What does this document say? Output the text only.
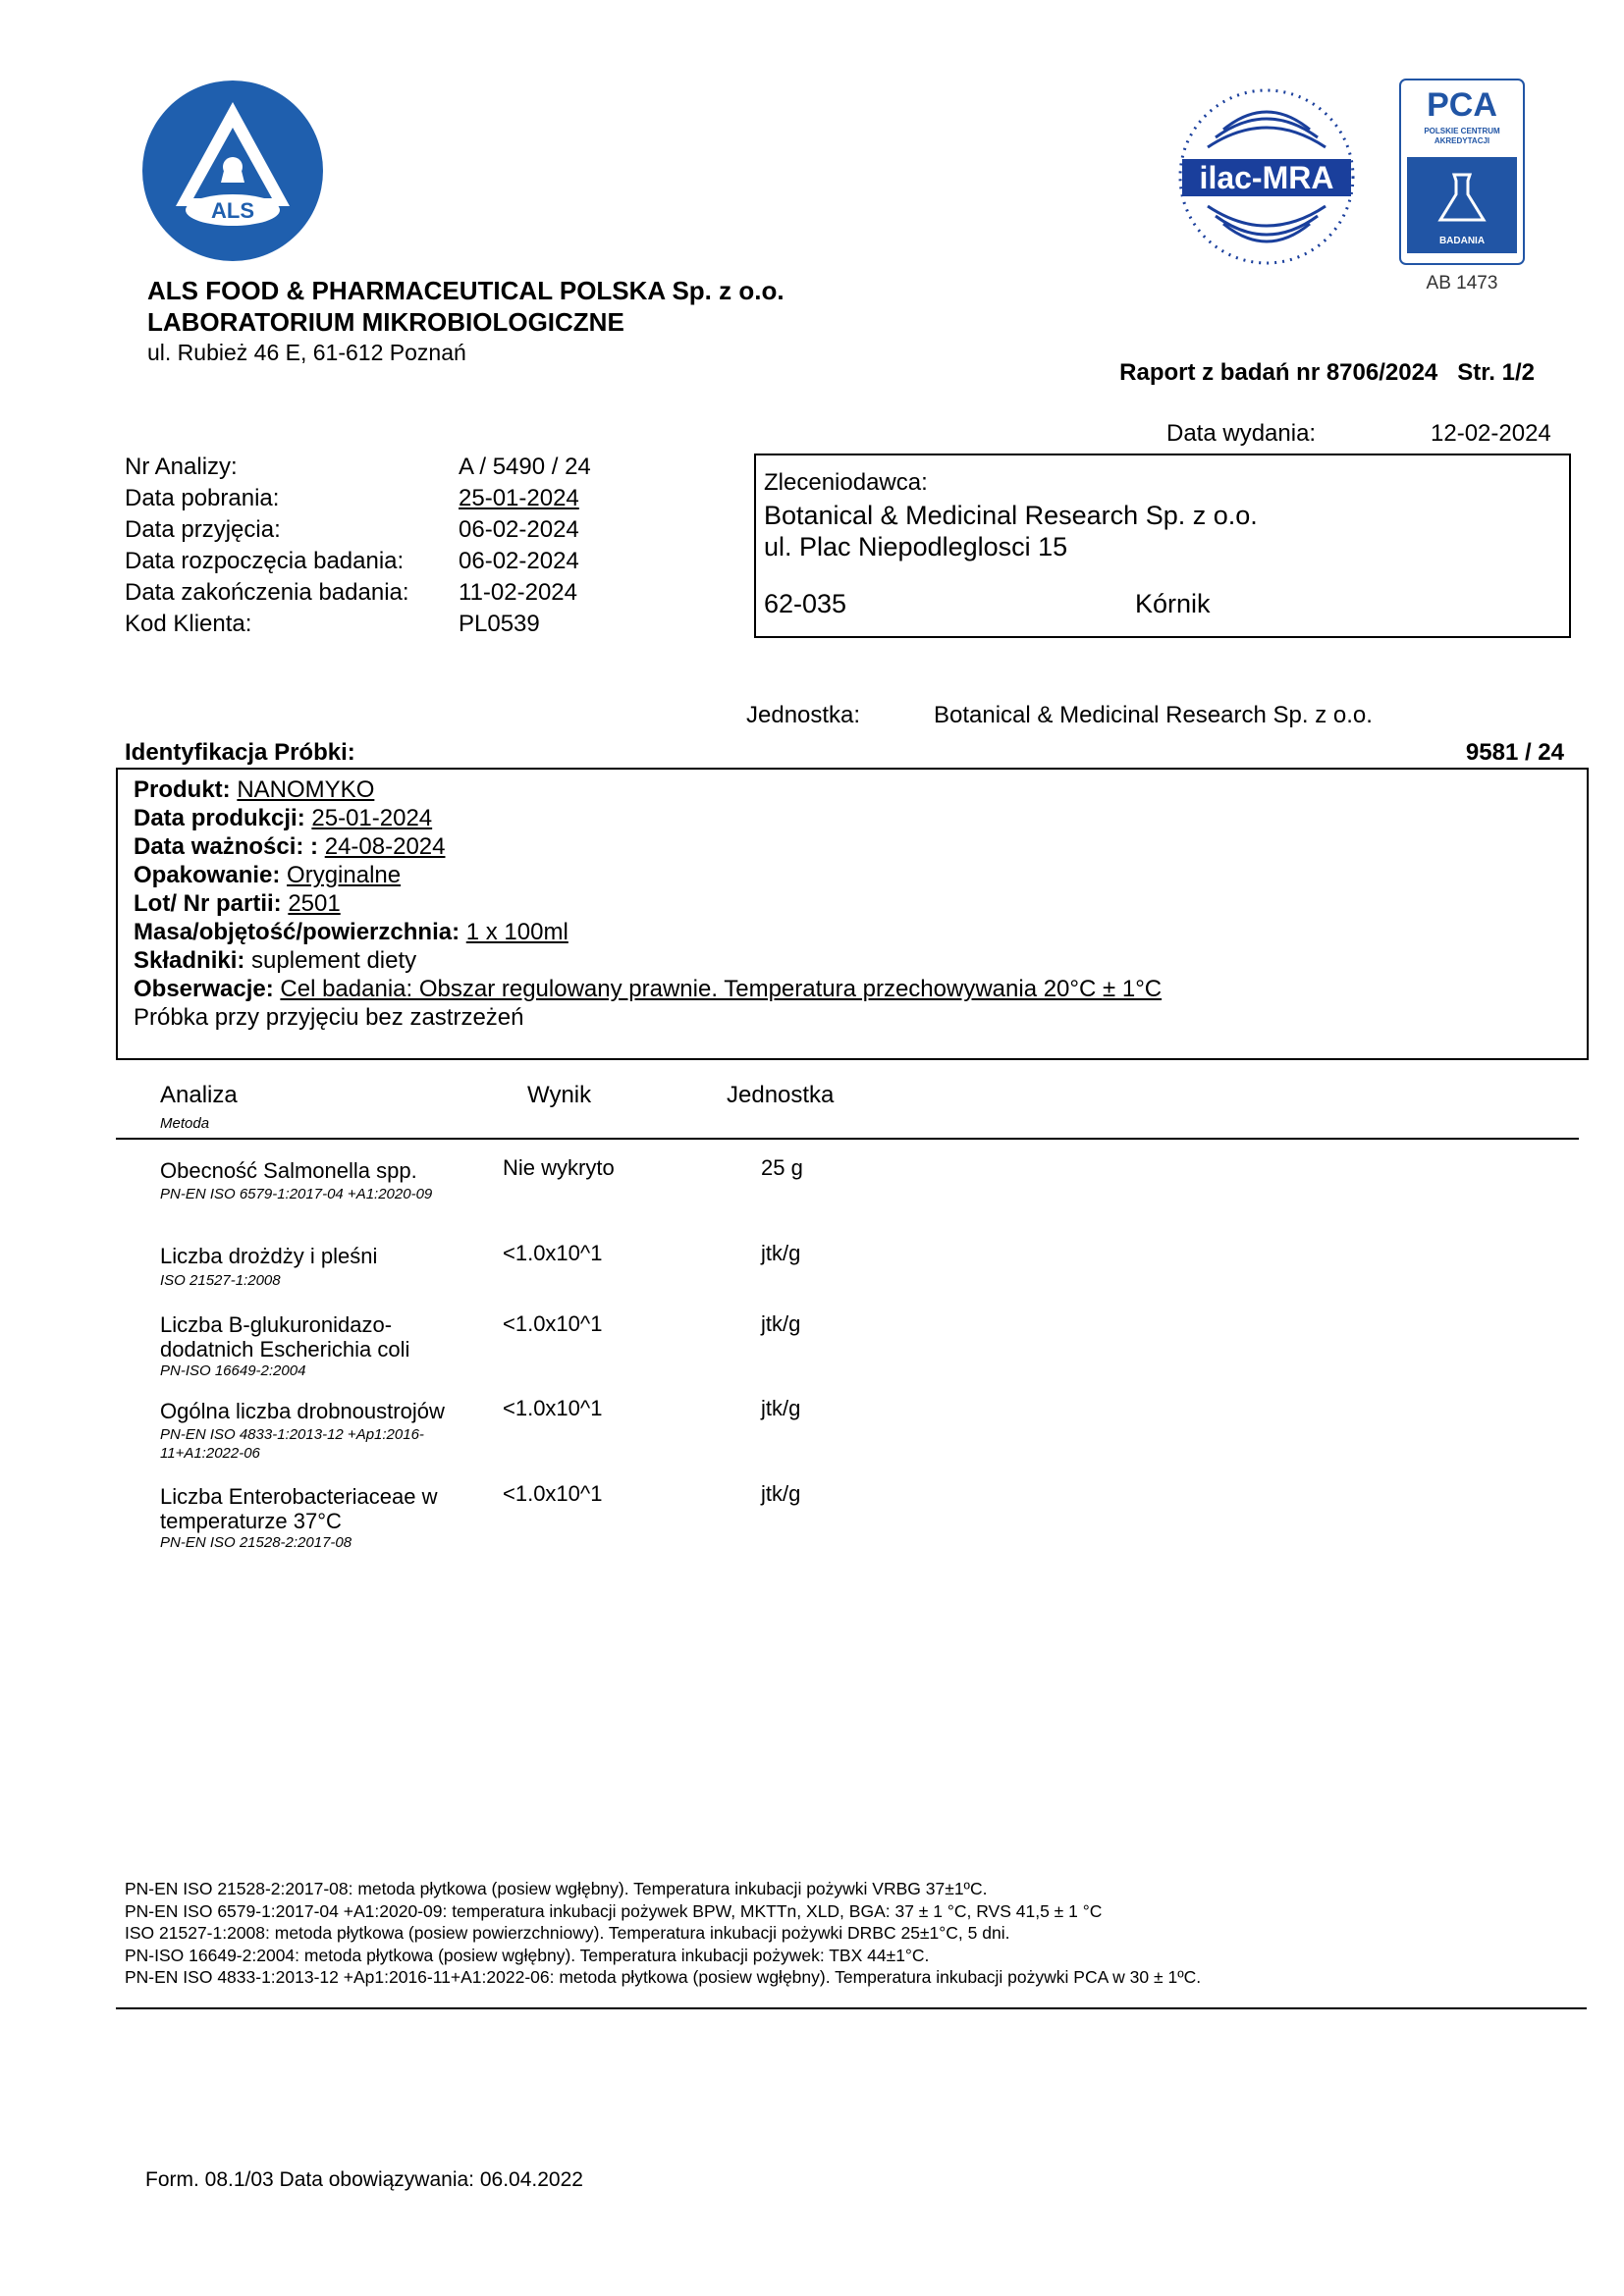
ALS
ilac-MRA
PCA
POLSKIE CENTRUM
AKREDYTACJI
BADANIA
AB 1473
ALS FOOD & PHARMACEUTICAL POLSKA Sp. z o.o.
LABORATORIUM MIKROBIOLOGICZNE
ul. Rubież 46 E, 61-612 Poznań
Raport z badań nr 8706/2024   Str. 1/2
Data wydania:	12-02-2024
Nr Analizy:	A / 5490 / 24
Data pobrania:	25-01-2024
Data przyjęcia:	06-02-2024
Data rozpoczęcia badania:	06-02-2024
Data zakończenia badania:	11-02-2024
Kod Klienta:	PL0539
Zleceniodawca:
Botanical & Medicinal Research Sp. z o.o.
ul. Plac Niepodleglosci 15
62-035	Kórnik
Jednostka:	Botanical & Medicinal Research Sp. z o.o.
Identyfikacja Próbki:	9581 / 24
Produkt: NANOMYKO
Data produkcji: 25-01-2024
Data ważności: : 24-08-2024
Opakowanie: Oryginalne
Lot/ Nr partii: 2501
Masa/objętość/powierzchnia: 1 x 100ml
Składniki: suplement diety
Obserwacje: Cel badania: Obszar regulowany prawnie. Temperatura przechowywania 20°C ± 1°C
Próbka przy przyjęciu bez zastrzeżeń
Analiza
Metoda
Wynik	Jednostka
Obecność Salmonella spp.
PN-EN ISO 6579-1:2017-04 +A1:2020-09
Nie wykryto	25 g
Liczba drożdży i pleśni
ISO 21527-1:2008
<1.0x10^1	jtk/g
Liczba B-glukuronidazo-dodatnich Escherichia coli
PN-ISO 16649-2:2004
<1.0x10^1	jtk/g
Ogólna liczba drobnoustrojów
PN-EN ISO 4833-1:2013-12 +Ap1:2016-11+A1:2022-06
<1.0x10^1	jtk/g
Liczba Enterobacteriaceae w temperaturze 37°C
PN-EN ISO 21528-2:2017-08
<1.0x10^1	jtk/g
PN-EN ISO 21528-2:2017-08: metoda płytkowa (posiew wgłębny). Temperatura inkubacji pożywki VRBG 37±1ºC.
PN-EN ISO 6579-1:2017-04 +A1:2020-09: temperatura inkubacji pożywek BPW, MKTTn, XLD, BGA: 37 ± 1 °C, RVS 41,5 ± 1 °C
ISO 21527-1:2008: metoda płytkowa (posiew powierzchniowy). Temperatura inkubacji pożywki DRBC 25±1°C, 5 dni.
PN-ISO 16649-2:2004: metoda płytkowa (posiew wgłębny). Temperatura inkubacji pożywek: TBX 44±1°C.
PN-EN ISO 4833-1:2013-12 +Ap1:2016-11+A1:2022-06: metoda płytkowa (posiew wgłębny). Temperatura inkubacji pożywki PCA w 30 ± 1ºC.
Form. 08.1/03 Data obowiązywania: 06.04.2022
